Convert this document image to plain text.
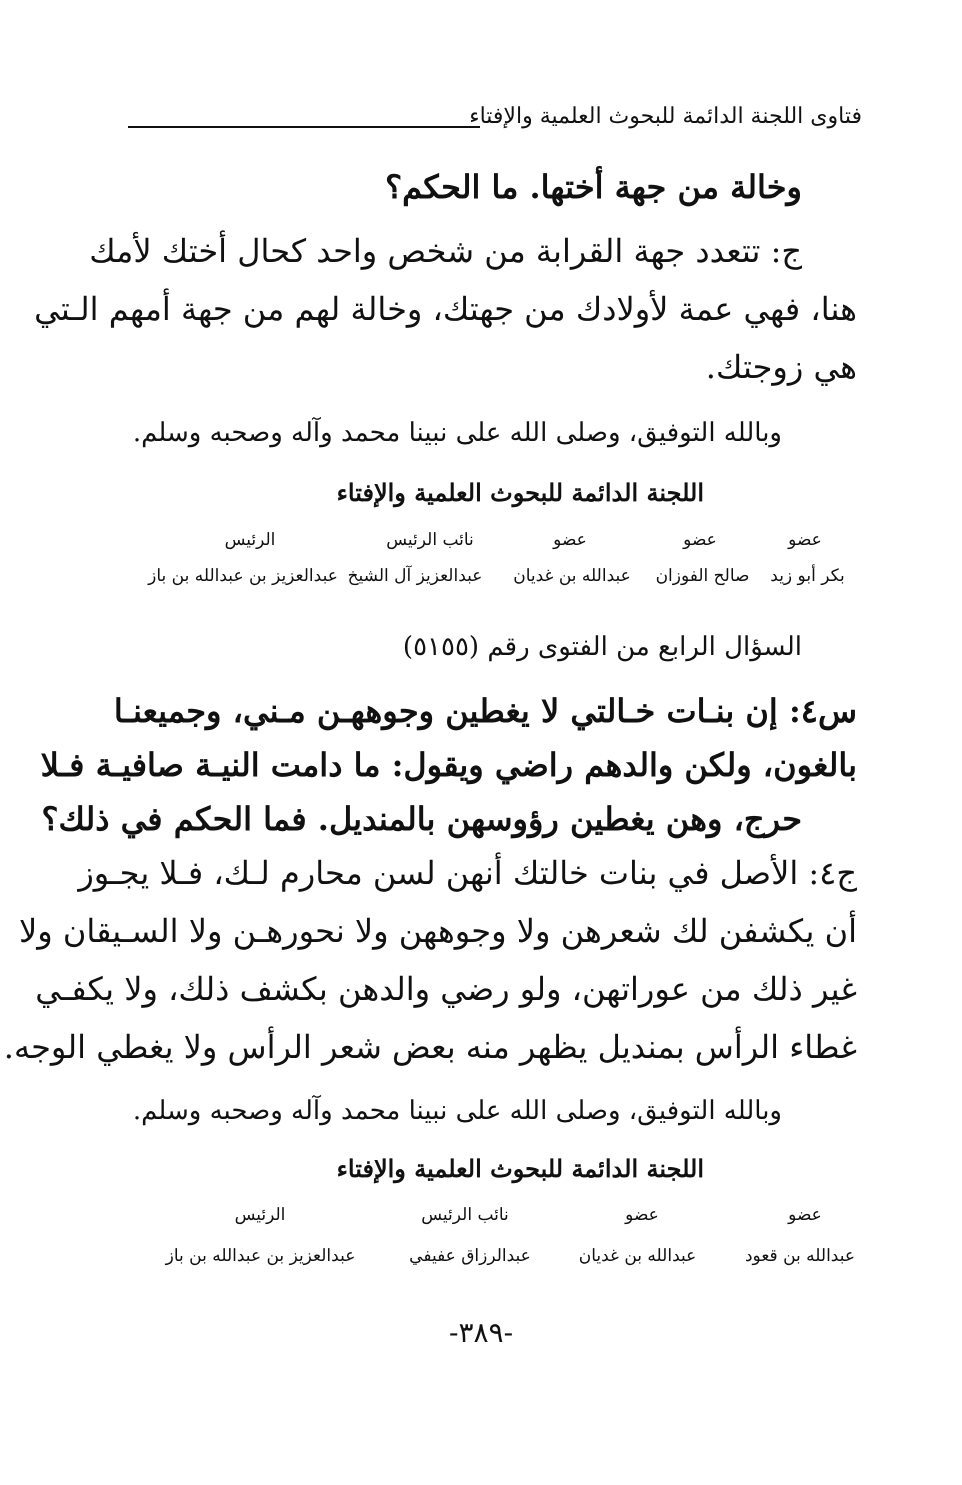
فتاوى اللجنة الدائمة للبحوث العلمية والإفتاء
وخالة من جهة أختها. ما الحكم؟
ج: تتعدد جهة القرابة من شخص واحد كحال أختك لأمك
هنا، فهي عمة لأولادك من جهتك، وخالة لهم من جهة أمهم الـتي
هي زوجتك.
وبالله التوفيق، وصلى الله على نبينا محمد وآله وصحبه وسلم.
اللجنة الدائمة للبحوث العلمية والإفتاء
عضو
بكر أبو زيد
عضو
صالح الفوزان
عضو
عبدالله بن غديان
نائب الرئيس
عبدالعزيز آل الشيخ
الرئيس
عبدالعزيز بن عبدالله بن باز
السؤال الرابع من الفتوى رقم (٥١٥٥)
س٤: إن بنـات خـالتي لا يغطين وجوههـن مـني، وجميعنـا
بالغون، ولكن والدهم راضي ويقول: ما دامت النيـة صافيـة فـلا
حرج، وهن يغطين رؤوسهن بالمنديل. فما الحكم في ذلك؟
ج٤: الأصل في بنات خالتك أنهن لسن محارم لـك، فـلا يجـوز
أن يكشفن لك شعرهن ولا وجوههن ولا نحورهـن ولا السـيقان ولا
غير ذلك من عوراتهن، ولو رضي والدهن بكشف ذلك، ولا يكفـي
غطاء الرأس بمنديل يظهر منه بعض شعر الرأس ولا يغطي الوجه.
وبالله التوفيق، وصلى الله على نبينا محمد وآله وصحبه وسلم.
اللجنة الدائمة للبحوث العلمية والإفتاء
عضو
عبدالله بن قعود
عضو
عبدالله بن غديان
نائب الرئيس
عبدالرزاق عفيفي
الرئيس
عبدالعزيز بن عبدالله بن باز
-٣٨٩-
